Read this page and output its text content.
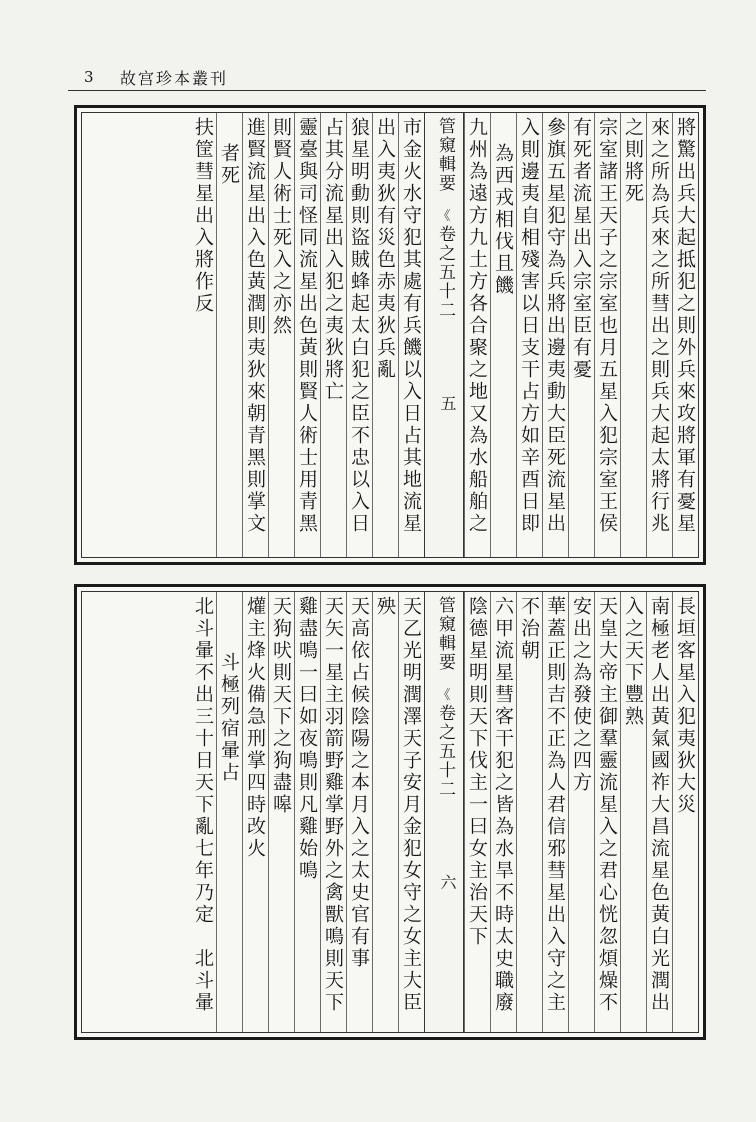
3 故宫珍本叢刊
將驚出兵大起抵犯之則外兵來攻將軍有憂星
來之所為兵來之所彗出之則兵大起太將行兆
之則將死
宗室諸王天子之宗室也月五星入犯宗室王侯
有死者流星出入宗室臣有憂
參旗五星犯守為兵將出邊夷動大臣死流星出
入則邊夷自相殘害以日支干占方如辛酉日即
為西戎相伐且饑
九州為遠方九土方各合聚之地又為水船舶之
管窺輯要
《
卷之五十二
五
市金火水守犯其處有兵饑以入日占其地流星
出入夷狄有災色赤夷狄兵亂
狼星明動則盜賊蜂起太白犯之臣不忠以入日
占其分流星出入犯之夷狄將亡
靈臺與司怪同流星出色黃則賢人術士用青黑
則賢人術士死入之亦然
進賢流星出入色黃潤則夷狄來朝青黑則掌文
者死
扶筐彗星出入將作反
長垣客星入犯夷狄大災
南極老人出黃氣國祚大昌流星色黃白光潤出
入之天下豐熟
天皇大帝主御羣靈流星入之君心恍忽煩燥不
安出之為發使之四方
華蓋正則吉不正為人君信邪彗星出入守之主
不治朝
六甲流星彗客干犯之皆為水旱不時太史職廢
陰德星明則天下伐主一曰女主治天下
管窺輯要
《
卷之五十二
六
天乙光明潤澤天子安月金犯女守之女主大臣
殃
天高依占候陰陽之本月入之太史官有事
天矢一星主羽箭野雞掌野外之禽獸鳴則天下
雞盡鳴一曰如夜鳴則凡雞始鳴
天狗吠則天下之狗盡嗥
爟主烽火備急刑掌四時改火
斗極列宿暈占
北斗暈不出三十日天下亂七年乃定　北斗暈
